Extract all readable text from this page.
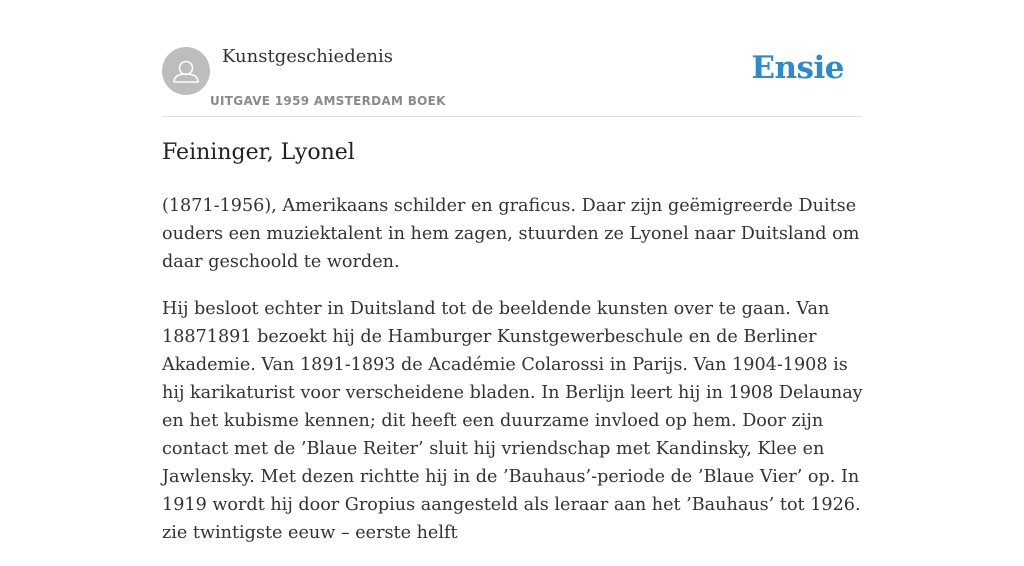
Kunstgeschiedenis
UITGAVE 1959 AMSTERDAM BOEK
Ensie
Feininger, Lyonel

(1871-1956), Amerikaans schilder en graficus. Daar zijn geëmigreerde Duitse ouders een muziektalent in hem zagen, stuurden ze Lyonel naar Duitsland om daar geschoold te worden.

Hij besloot echter in Duitsland tot de beeldende kunsten over te gaan. Van 18871891 bezoekt hij de Hamburger Kunstgewerbeschule en de Berliner Akademie. Van 1891-1893 de Académie Colarossi in Parijs. Van 1904-1908 is hij karikaturist voor verscheidene bladen. In Berlijn leert hij in 1908 Delaunay en het kubisme kennen; dit heeft een duurzame invloed op hem. Door zijn contact met de ’Blaue Reiter’ sluit hij vriendschap met Kandinsky, Klee en Jawlensky. Met dezen richtte hij in de ’Bauhaus’-periode de ’Blaue Vier’ op. In 1919 wordt hij door Gropius aangesteld als leraar aan het ’Bauhaus’ tot 1926. zie twintigste eeuw – eerste helft
